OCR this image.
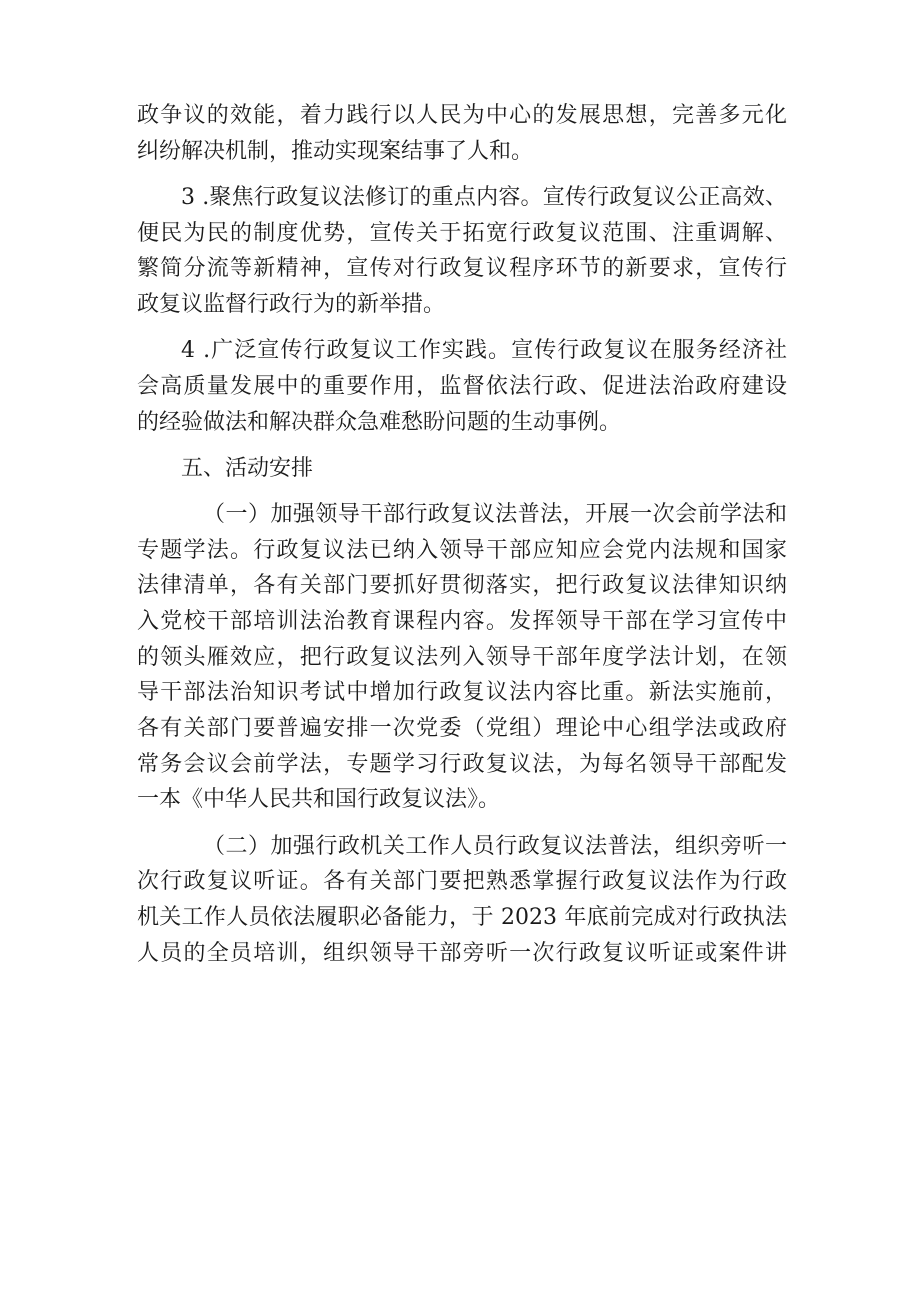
政争议的效能，着力践行以人民为中心的发展思想，完善多元化
纠纷解决机制，推动实现案结事了人和。
3 .聚焦行政复议法修订的重点内容。宣传行政复议公正高效、
便民为民的制度优势，宣传关于拓宽行政复议范围、注重调解、
繁简分流等新精神，宣传对行政复议程序环节的新要求，宣传行
政复议监督行政行为的新举措。
4 .广泛宣传行政复议工作实践。宣传行政复议在服务经济社
会高质量发展中的重要作用，监督依法行政、促进法治政府建设
的经验做法和解决群众急难愁盼问题的生动事例。
五、活动安排
（一）加强领导干部行政复议法普法，开展一次会前学法和
专题学法。行政复议法已纳入领导干部应知应会党内法规和国家
法律清单，各有关部门要抓好贯彻落实，把行政复议法律知识纳
入党校干部培训法治教育课程内容。发挥领导干部在学习宣传中
的领头雁效应，把行政复议法列入领导干部年度学法计划，在领
导干部法治知识考试中增加行政复议法内容比重。新法实施前，
各有关部门要普遍安排一次党委（党组）理论中心组学法或政府
常务会议会前学法，专题学习行政复议法，为每名领导干部配发
一本《中华人民共和国行政复议法》。
（二）加强行政机关工作人员行政复议法普法，组织旁听一
次行政复议听证。各有关部门要把熟悉掌握行政复议法作为行政
机关工作人员依法履职必备能力，于 2023 年底前完成对行政执法
人员的全员培训，组织领导干部旁听一次行政复议听证或案件讲
